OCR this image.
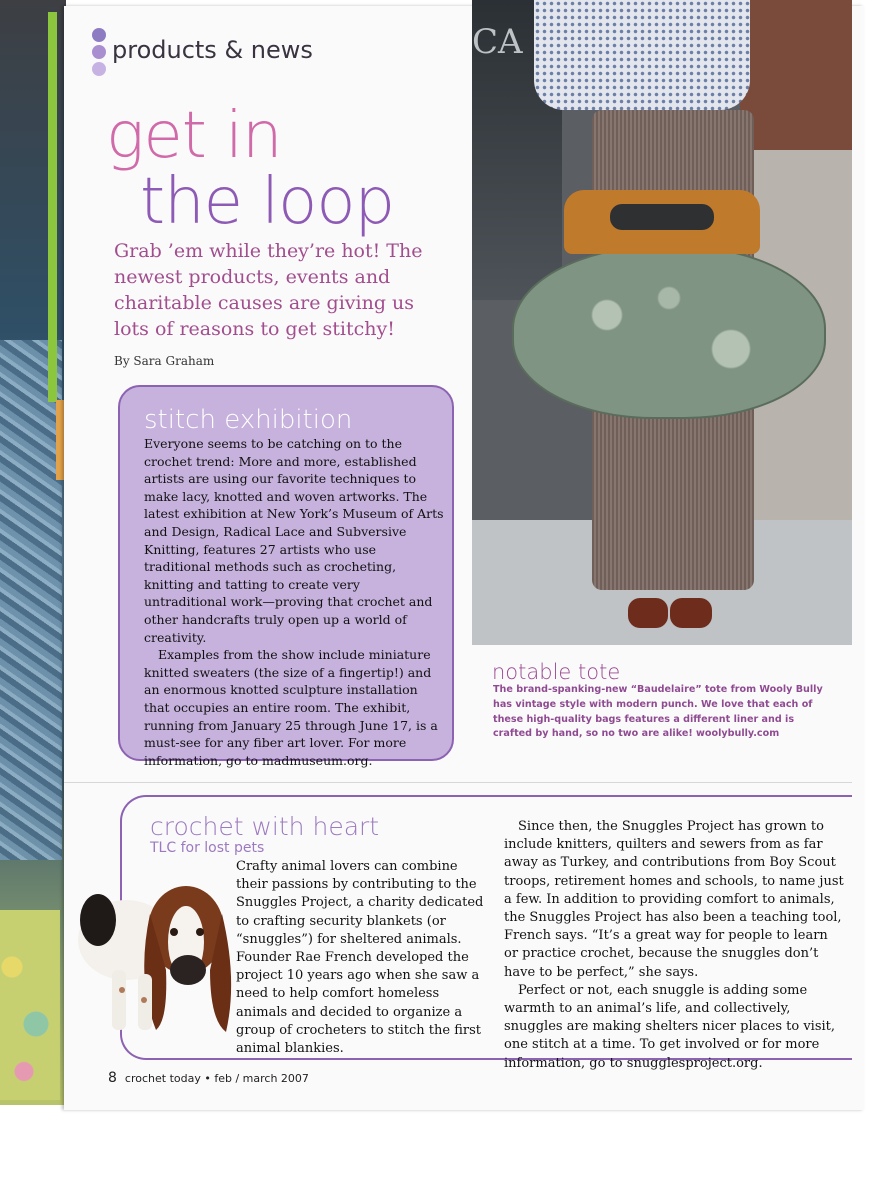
products & news
get in
the loop
Grab ’em while they’re hot! The newest products, events and charitable causes are giving us lots of reasons to get stitchy!
By Sara Graham
stitch exhibition

Everyone seems to be catching on to the crochet trend: More and more, established artists are using our favorite techniques to make lacy, knotted and woven artworks. The latest exhibition at New York’s Museum of Arts and Design, Radical Lace and Subversive Knitting, features 27 artists who use traditional methods such as crocheting, knitting and tatting to create very untraditional work—proving that crochet and other handcrafts truly open up a world of creativity.

Examples from the show include miniature knitted sweaters (the size of a fingertip!) and an enormous knotted sculpture installation that occupies an entire room. The exhibit, running from January 25 through June 17, is a must-see for any fiber art lover. For more information, go to madmuseum.org.

CA
notable tote
The brand-spanking-new “Baudelaire” tote from Wooly Bully has vintage style with modern punch. We love that each of these high-quality bags features a different liner and is crafted by hand, so no two are alike! woolybully.com
crochet with heart
TLC for lost pets
Crafty animal lovers can combine their passions by contributing to the Snuggles Project, a charity dedicated to crafting security blankets (or “snuggles”) for sheltered animals. Founder Rae French developed the project 10 years ago when she saw a need to help comfort homeless animals and decided to organize a group of crocheters to stitch the first animal blankies.

Since then, the Snuggles Project has grown to include knitters, quilters and sewers from as far away as Turkey, and contributions from Boy Scout troops, retirement homes and schools, to name just a few. In addition to providing comfort to animals, the Snuggles Project has also been a teaching tool, French says. “It’s a great way for people to learn or practice crochet, because the snuggles don’t have to be perfect,” she says.

Perfect or not, each snuggle is adding some warmth to an animal’s life, and collectively, snuggles are making shelters nicer places to visit, one stitch at a time. To get involved or for more information, go to snugglesproject.org.

8 crochet today • feb / march 2007
